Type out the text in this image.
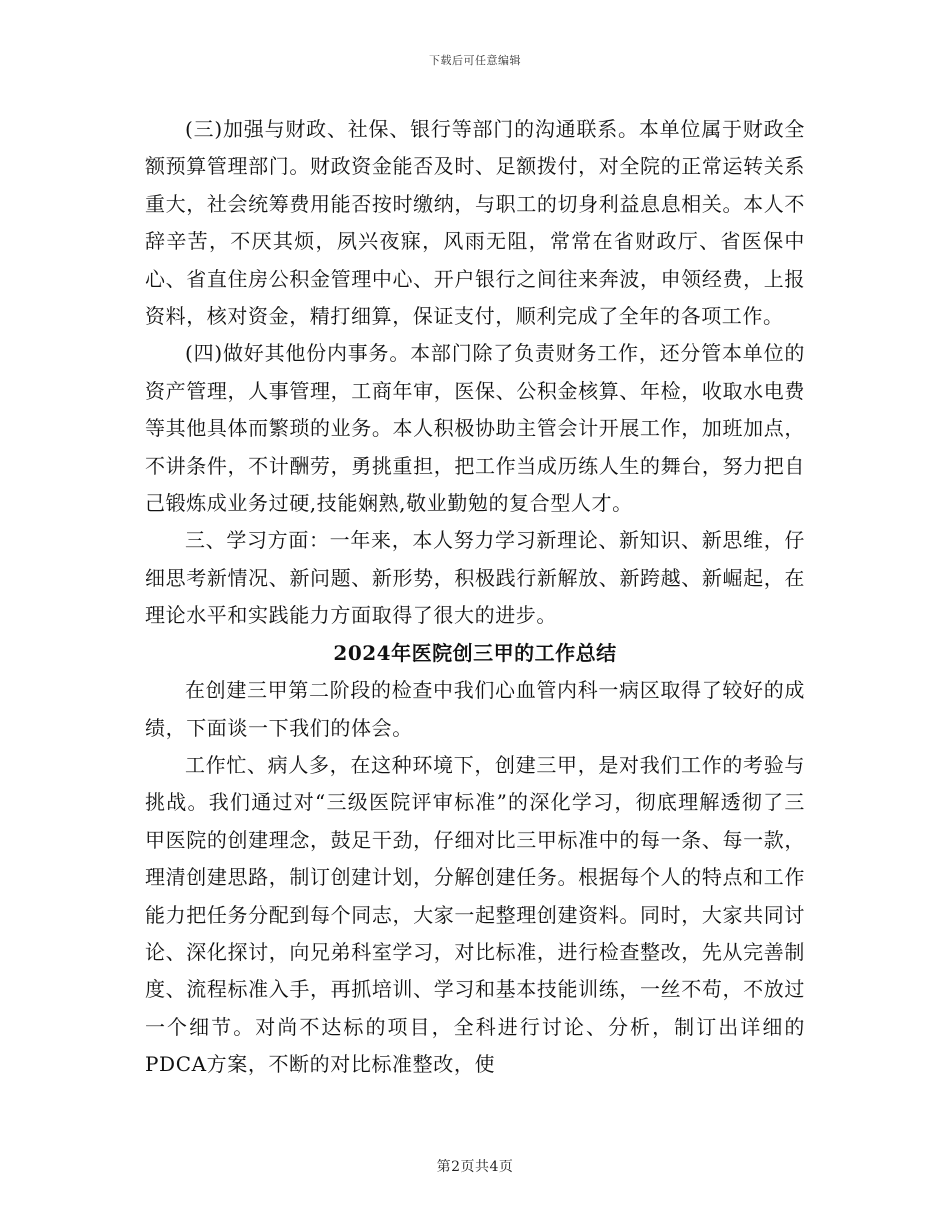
下载后可任意编辑

(三)加强与财政、社保、银行等部门的沟通联系。本单位属于财政全额预算管理部门。财政资金能否及时、足额拨付，对全院的正常运转关系重大，社会统筹费用能否按时缴纳，与职工的切身利益息息相关。本人不辞辛苦，不厌其烦，夙兴夜寐，风雨无阻，常常在省财政厅、省医保中心、省直住房公积金管理中心、开户银行之间往来奔波，申领经费，上报资料，核对资金，精打细算，保证支付，顺利完成了全年的各项工作。

(四)做好其他份内事务。本部门除了负责财务工作，还分管本单位的资产管理，人事管理，工商年审，医保、公积金核算、年检，收取水电费等其他具体而繁琐的业务。本人积极协助主管会计开展工作，加班加点，不讲条件，不计酬劳，勇挑重担，把工作当成历练人生的舞台，努力把自己锻炼成业务过硬,技能娴熟,敬业勤勉的复合型人才。

三、学习方面：一年来，本人努力学习新理论、新知识、新思维，仔细思考新情况、新问题、新形势，积极践行新解放、新跨越、新崛起，在理论水平和实践能力方面取得了很大的进步。

2024年医院创三甲的工作总结

在创建三甲第二阶段的检查中我们心血管内科一病区取得了较好的成绩，下面谈一下我们的体会。

工作忙、病人多，在这种环境下，创建三甲，是对我们工作的考验与挑战。我们通过对“三级医院评审标准”的深化学习，彻底理解透彻了三甲医院的创建理念，鼓足干劲，仔细对比三甲标准中的每一条、每一款，理清创建思路，制订创建计划，分解创建任务。根据每个人的特点和工作能力把任务分配到每个同志，大家一起整理创建资料。同时，大家共同讨论、深化探讨，向兄弟科室学习，对比标准，进行检查整改，先从完善制度、流程标准入手，再抓培训、学习和基本技能训练，一丝不苟，不放过一个细节。对尚不达标的项目，全科进行讨论、分析，制订出详细的PDCA方案，不断的对比标准整改，使

第2页共4页
